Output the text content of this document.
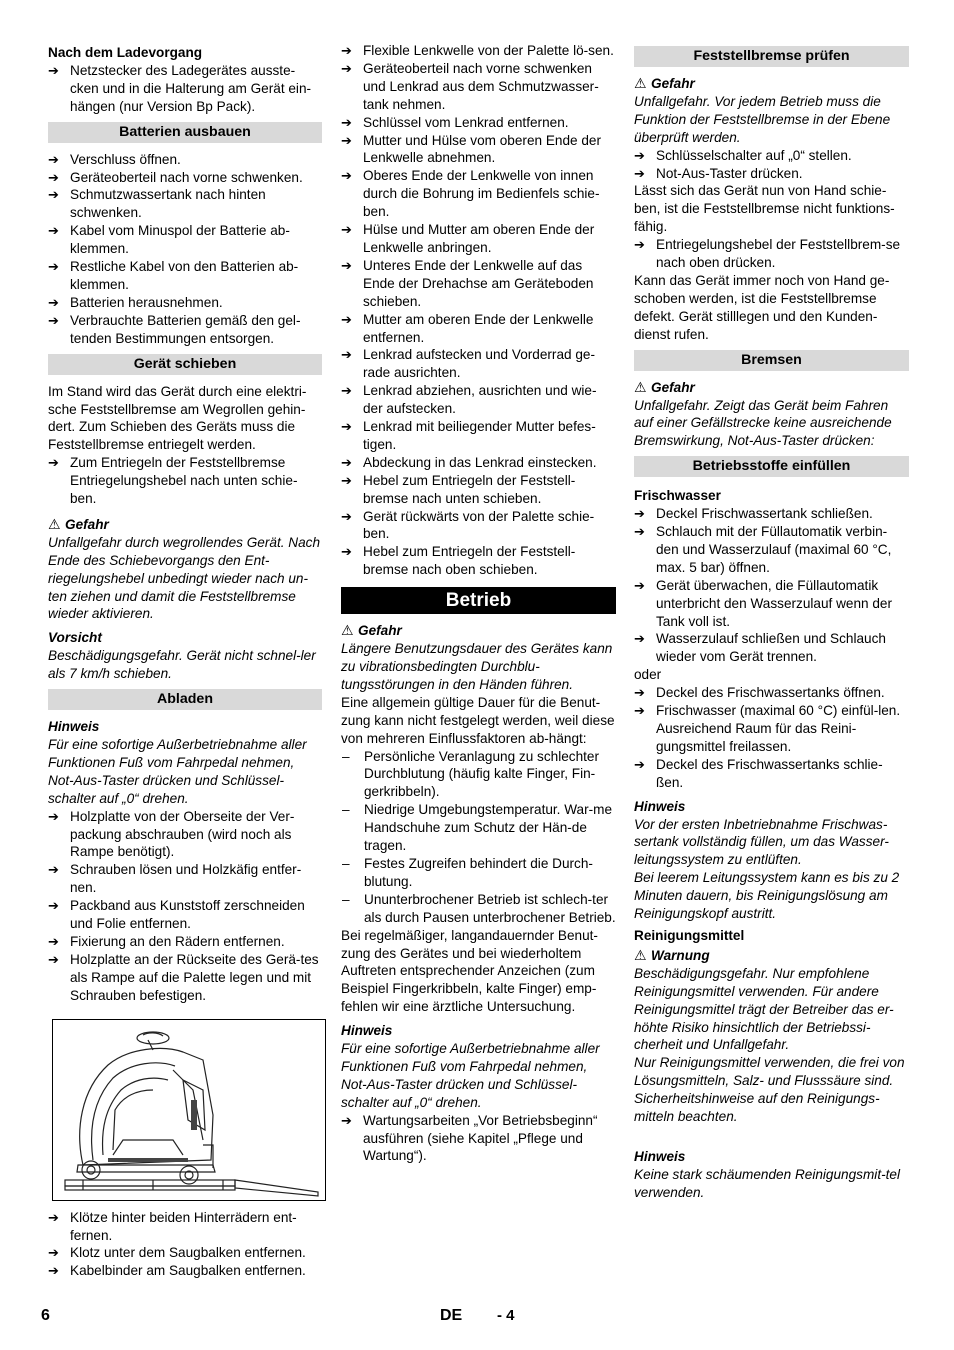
Nach dem Ladevorgang

➔ Netzstecker des Ladegerätes ausste-cken und in die Halterung am Gerät ein-hängen (nur Version Bp Pack).
Batterien ausbauen
➔ Verschluss öffnen.
➔ Geräteoberteil nach vorne schwenken.
➔ Schmutzwassertank nach hinten schwenken.
➔ Kabel vom Minuspol der Batterie ab-klemmen.
➔ Restliche Kabel von den Batterien ab-klemmen.
➔ Batterien herausnehmen.
➔ Verbrauchte Batterien gemäß den gel-tenden Bestimmungen entsorgen.
Gerät schieben

Im Stand wird das Gerät durch eine elektri-sche Feststellbremse am Wegrollen gehin-dert. Zum Schieben des Geräts muss die Feststellbremse entriegelt werden.

➔ Zum Entriegeln der Feststellbremse Entriegelungshebel nach unten schie-ben.
⚠ Gefahr

Unfallgefahr durch wegrollendes Gerät. Nach Ende des Schiebevorgangs den Ent-riegelungshebel unbedingt wieder nach un-ten ziehen und damit die Feststellbremse wieder aktivieren.

Vorsicht

Beschädigungsgefahr. Gerät nicht schnel-ler als 7 km/h schieben.

Abladen

Hinweis

Für eine sofortige Außerbetriebnahme aller Funktionen Fuß vom Fahrpedal nehmen, Not-Aus-Taster drücken und Schlüssel-schalter auf „0“ drehen.

➔ Holzplatte von der Oberseite der Ver-packung abschrauben (wird noch als Rampe benötigt).
➔ Schrauben lösen und Holzkäfig entfer-nen.
➔ Packband aus Kunststoff zerschneiden und Folie entfernen.
➔ Fixierung an den Rädern entfernen.
➔ Holzplatte an der Rückseite des Gerä-tes als Rampe auf die Palette legen und mit Schrauben befestigen.
➔ Klötze hinter beiden Hinterrädern ent-fernen.
➔ Klotz unter dem Saugbalken entfernen.
➔ Kabelbinder am Saugbalken entfernen.
➔ Flexible Lenkwelle von der Palette lö-sen.
➔ Geräteoberteil nach vorne schwenken und Lenkrad aus dem Schmutzwasser-tank nehmen.
➔ Schlüssel vom Lenkrad entfernen.
➔ Mutter und Hülse vom oberen Ende der Lenkwelle abnehmen.
➔ Oberes Ende der Lenkwelle von innen durch die Bohrung im Bedienfels schie-ben.
➔ Hülse und Mutter am oberen Ende der Lenkwelle anbringen.
➔ Unteres Ende der Lenkwelle auf das Ende der Drehachse am Geräteboden schieben.
➔ Mutter am oberen Ende der Lenkwelle entfernen.
➔ Lenkrad aufstecken und Vorderrad ge-rade ausrichten.
➔ Lenkrad abziehen, ausrichten und wie-der aufstecken.
➔ Lenkrad mit beiliegender Mutter befes-tigen.
➔ Abdeckung in das Lenkrad einstecken.
➔ Hebel zum Entriegeln der Feststell-bremse nach unten schieben.
➔ Gerät rückwärts von der Palette schie-ben.
➔ Hebel zum Entriegeln der Feststell-bremse nach oben schieben.
Betrieb
⚠ Gefahr

Längere Benutzungsdauer des Gerätes kann zu vibrationsbedingten Durchblu-tungsstörungen in den Händen führen.

Eine allgemein gültige Dauer für die Benut-zung kann nicht festgelegt werden, weil diese von mehreren Einflussfaktoren ab-hängt:

–	Persönliche Veranlagung zu schlechter Durchblutung (häufig kalte Finger, Fin-gerkribbeln).
–	Niedrige Umgebungstemperatur. War-me Handschuhe zum Schutz der Hän-de tragen.
–	Festes Zugreifen behindert die Durch-blutung.
–	Ununterbrochener Betrieb ist schlech-ter als durch Pausen unterbrochener Betrieb.

Bei regelmäßiger, langandauernder Benut-zung des Gerätes und bei wiederholtem Auftreten entsprechender Anzeichen (zum Beispiel Fingerkribbeln, kalte Finger) emp-fehlen wir eine ärztliche Untersuchung.

Hinweis

Für eine sofortige Außerbetriebnahme aller Funktionen Fuß vom Fahrpedal nehmen, Not-Aus-Taster drücken und Schlüssel-schalter auf „0“ drehen.

➔ Wartungsarbeiten „Vor Betriebsbeginn“ ausführen (siehe Kapitel „Pflege und Wartung“).
Feststellbremse prüfen
⚠ Gefahr

Unfallgefahr. Vor jedem Betrieb muss die Funktion der Feststellbremse in der Ebene überprüft werden.

➔ Schlüsselschalter auf „0“ stellen.
➔ Not-Aus-Taster drücken.

Lässt sich das Gerät nun von Hand schie-ben, ist die Feststellbremse nicht funktions-fähig.

➔ Entriegelungshebel der Feststellbrem-se nach oben drücken.

Kann das Gerät immer noch von Hand ge-schoben werden, ist die Feststellbremse defekt. Gerät stilllegen und den Kunden-dienst rufen.

Bremsen
⚠ Gefahr

Unfallgefahr. Zeigt das Gerät beim Fahren auf einer Gefällstrecke keine ausreichende Bremswirkung, Not-Aus-Taster drücken:

Betriebsstoffe einfüllen

Frischwasser

➔ Deckel Frischwassertank schließen.
➔ Schlauch mit der Füllautomatik verbin-den und Wasserzulauf (maximal 60 °C, max. 5 bar) öffnen.
➔ Gerät überwachen, die Füllautomatik unterbricht den Wasserzulauf wenn der Tank voll ist.
➔ Wasserzulauf schließen und Schlauch wieder vom Gerät trennen.

oder

➔ Deckel des Frischwassertanks öffnen.
➔ Frischwasser (maximal 60 °C) einfül-len. Ausreichend Raum für das Reini-gungsmittel freilassen.
➔ Deckel des Frischwassertanks schlie-ßen.

Hinweis

Vor der ersten Inbetriebnahme Frischwas-sertank vollständig füllen, um das Wasser-leitungssystem zu entlüften.

Bei leerem Leitungssystem kann es bis zu 2 Minuten dauern, bis Reinigungslösung am Reinigungskopf austritt.

Reinigungsmittel

⚠ Warnung

Beschädigungsgefahr. Nur empfohlene Reinigungsmittel verwenden. Für andere Reinigungsmittel trägt der Betreiber das er-höhte Risiko hinsichtlich der Betriebssi-cherheit und Unfallgefahr.

Nur Reinigungsmittel verwenden, die frei von Lösungsmitteln, Salz- und Flusssäure sind.

Sicherheitshinweise auf den Reinigungs-mitteln beachten.

Hinweis

Keine stark schäumenden Reinigungsmit-tel verwenden.

6	DE - 4
